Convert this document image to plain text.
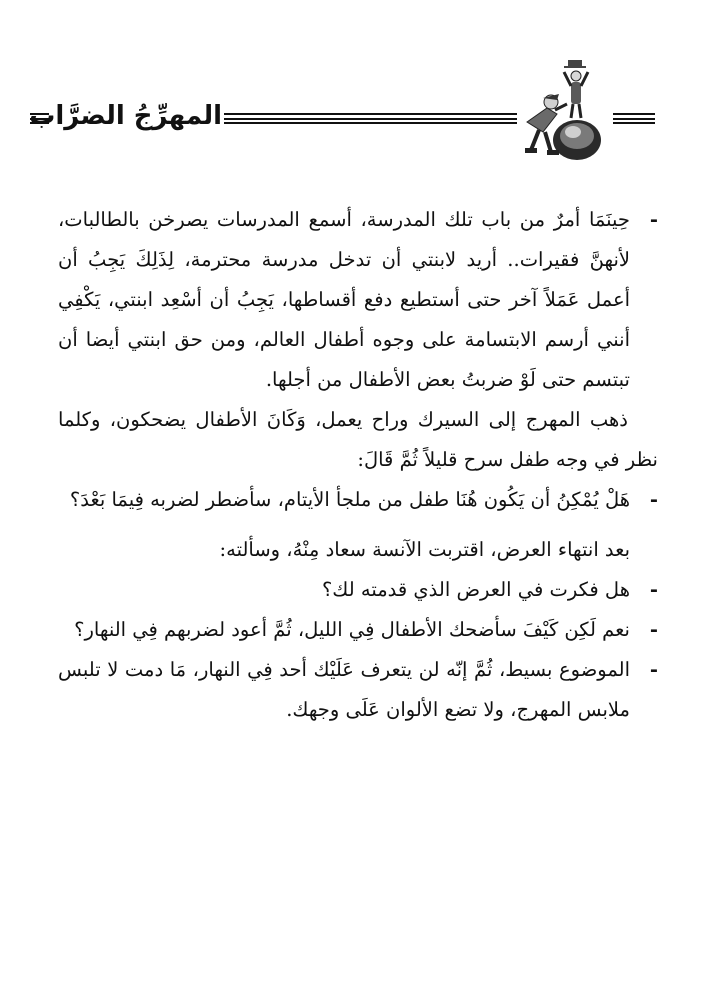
المهرِّجُ الضرَّاب

-
حِينَمَا أمرٌ من باب تلك المدرسة، أسمع المدرسات يصرخن بالطالبات، لأنهنَّ فقيرات.. أريد لابنتي أن تدخل مدرسة محترمة، لِذَلِكَ يَجِبُ أن أعمل عَمَلاً آخر حتى أستطيع دفع أقساطها، يَجِبُ أن أسْعِد ابنتي، يَكْفِي أنني أرسم الابتسامة على وجوه أطفال العالم، ومن حق ابنتي أيضا أن تبتسم حتى لَوْ ضربتُ بعض الأطفال من أجلها.

ذهب المهرج إلى السيرك وراح يعمل، وَكَانَ الأطفال يضحكون، وكلما نظر في وجه طفل سرح قليلاً ثُمَّ قَالَ:

-
هَلْ يُمْكِنُ أن يَكُون هُنَا طفل من ملجأ الأيتام، سأضطر لضربه فِيمَا بَعْدَ؟

بعد انتهاء العرض، اقتربت الآنسة سعاد مِنْهُ، وسألته:

-
هل فكرت في العرض الذي قدمته لك؟

-
نعم لَكِن كَيْفَ سأضحك الأطفال فِي الليل، ثُمَّ أعود لضربهم فِي النهار؟

-
الموضوع بسيط، ثُمَّ إنّه لن يتعرف عَلَيْك أحد فِي النهار، مَا دمت لا تلبس ملابس المهرج، ولا تضع الألوان عَلَى وجهك.
